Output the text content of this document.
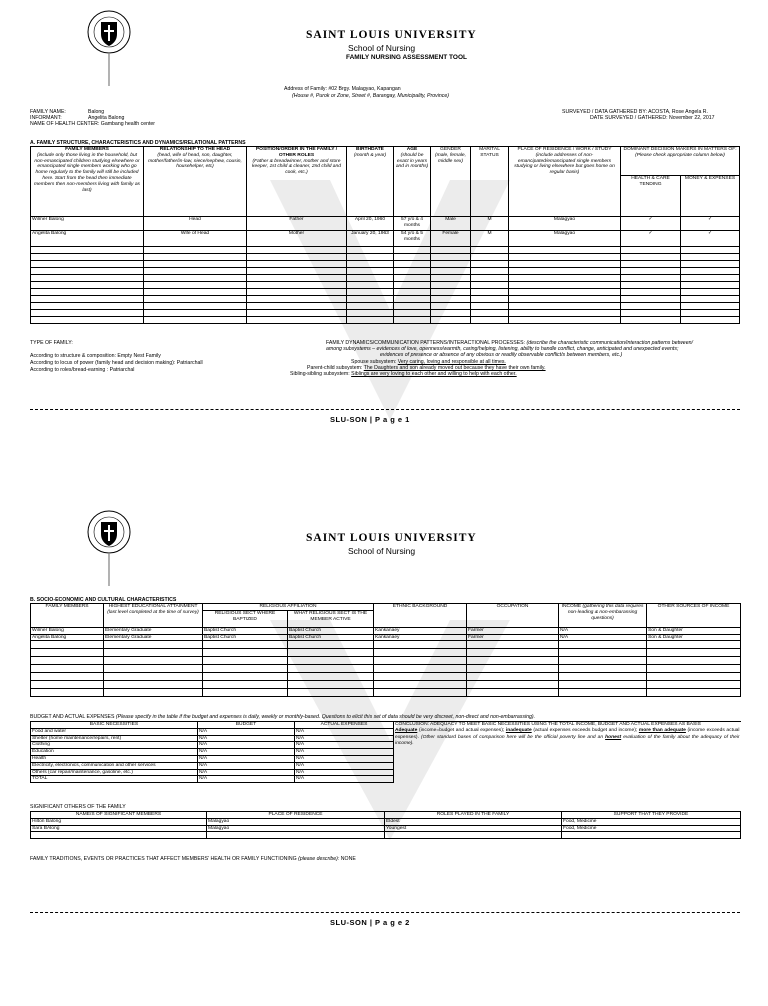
SAINT LOUIS UNIVERSITY
School of Nursing
FAMILY NURSING ASSESSMENT TOOL
Address of Family: #02 Brgy. Malagyao, Kapangan
(House #, Purok or Zone, Street #, Barangay, Municipality, Province)
FAMILY NAME:	Balong
INFORMANT:	Angelita Balong
NAME OF HEALTH CENTER: Gambang health center
SURVEYED / DATA GATHERED BY: ACOSTA, Rose Angela R.
DATE SURVEYED / GATHERED: November 22, 2017
A. FAMILY STRUCTURE, CHARACTERISTICS AND DYNAMICS/RELATIONAL PATTERNS
FAMILY MEMBERS
(include only those living in the household, but non-emancipated children studying elsewhere or emancipated single members working who go home regularly to the family will still be included here. Start from the head then immediate members then non-members living with family as last)	RELATIONSHIP TO THE HEAD
(head, wife of head, son, daughter, mother/father/in-law, niece/nephew, cousin, househelper, etc)	POSITION/ORDER IN THE FAMILY / OTHER ROLES
(Father & breadwinner, mother and store keeper, 1st child & cleaner, 2nd child and cook, etc.)	BIRTHDATE
(month & year)	AGE
(should be exact in years and in months)	GENDER
(male, female, middle sex)	MARITAL STATUS	PLACE OF RESIDENCE / WORK / STUDY
(include addresses of non-emancipated/emancipated single members studying or living elsewhere but goes home on regular basis)	DOMINANT DECISION MAKERS IN MATTERS OF:
(Please check appropriate column below)	
								HEALTH & CARE TENDING	MONEY & EXPENSES
Wilmer Balong	Head	Father	April 20, 1960	57 y/o & 4 months	Male	M	Malagyao	✓	✓
Angelita Balong	Wife of Head	Mother	January 20, 1963	54 y/o & 5 months	Female	M	Malagyao	✓	✓

TYPE OF FAMILY:
According to structure & composition: Empty Nest Family
According to locus of power (family head and decision making): Patriarchall
According to roles/bread-earning : Patriarchal
FAMILY DYNAMICS/COMMUNICATION PATTERNS/INTERACTIONAL PROCESSES: (describe the characteristic communication/interaction patterns between/
among subsystems – evidences of love, openness/warmth, caring/helping, listening, ability to handle conflict, change, anticipated and unexpected events;
evidences of presence or absence of any obvious or readily observable conflict/s between members, etc.)
Spouse subsystem: Very caring, loving and responsible at all times.
Parent-child subsystem: The Daughters and son already moved out because they have their own family.
Sibling-sibling subsystem: Siblings are very loving to each other and willing to help with each other.
SLU-SON | P a g e 1
SAINT LOUIS UNIVERSITY
School of Nursing
B. SOCIO-ECONOMIC AND CULTURAL CHARACTERISTICS
FAMILY MEMBERS	HIGHEST EDUCATIONAL ATTAINMENT (last level completed at the time of survey)	RELIGIOUS AFFILIATION		ETHNIC BACKGROUND	OCCUPATION	INCOME (gathering this data requires non-leading & non-embarassing questions)	OTHER SOURCES OF INCOME
		RELIGIOUS SECT WHERE BAPTIZED	WHAT RELIGIOUS SECT IS THE MEMBER ACTIVE				
Wilmer Balong	Elementary Graduate	Baptist Church	Baptist Church	Kankanaey	Farmer	N/A	Son & Daughter
Angelita Balong	Elementary Graduate	Baptist Church	Baptist Church	Kankanaey	Farmer	N/A	Son & Daughter

BUDGET AND ACTUAL EXPENSES (Please specify in the table if the budget and expenses is daily, weekly or monthly-based. Questions to elicit this set of data should be very discreet, non-direct and non-embarrassing).
BASIC NECESSITIES	BUDGET	ACTUAL EXPENSES	CONCLUSION: ADEQUACY TO MEET BASIC NECESSITIES USING THE TOTAL INCOME, BUDGET AND ACTUAL EXPENSES AS BASIS
Adequate (income=budget and actual expenses); inadequate (actual expenses exceeds budget and income); more than adequate (income exceeds actual expenses). (Other standard bases of comparison here will be the official poverty line and an honest evaluation of the family about the adequacy of their income).
Food and water	N/A	N/A	
Shelter (home maintenance/repairs, rent)	N/A	N/A	
Clothing	N/A	N/A	
Education	N/A	N/A	
Health	N/A	N/A	
Electricity, electronics, communication and other services	N/A	N/A	
Others (car repair/maintenance, gasoline, etc.)	N/A	N/A	
TOTAL	N/A	N/A	
SIGNIFICANT OTHERS OF THE FAMILY
NAME/S OF SIGNIFICANT MEMBERS	PLACE OF RESIDENCE	ROLES PLAYED IN THE FAMILY	SUPPORT THAT THEY PROVIDE
Hilton Balong	Malagyao	Eldest	Food, Medicine
Sara BAlong	Malagyao	Youngest	Food, Medicine

FAMILY TRADITIONS, EVENTS OR PRACTICES THAT AFFECT MEMBERS' HEALTH OR FAMILY FUNCTIONING (please describe): NONE
SLU-SON | P a g e 2
